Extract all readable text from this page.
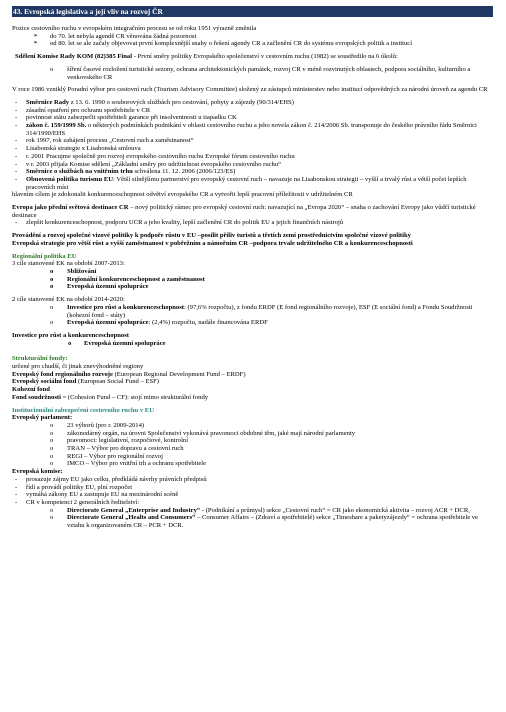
43. Evropská legislativa a její vliv na rozvoj ČR

Pozice cestovního ruchu v evropském integračním procesu se od roku 1951 výrazně změnila

➢ do 70. let nebyla agendě CR věnována žádná pozornost
➢ od 80. let se ale začaly objevovat první komplexnější snahy o řešení agendy CR a začlenění CR do systému evropských politik a institucí

Sdělení Komise Rady KOM (82)385 Final - První směry politiky Evropského společenství v cestovním ruchu (1982) se soustředilo na 6 úkolů:

o šíření časové rozložení turistické sezony, ochrana architektonických památek, rozvoj CR v méně rozvinutých oblastech, podpora sociálního, kulturního a venkovského CR

V roce 1986 vzniklý Poradní výbor pro cestovní ruch (Tourism Advisory Committee) složený ze zástupců ministerstev nebo institucí odpovědných za národní úroveň za agendu CR

- Směrnice Rady z 13. 6. 1990 o souborových službách pro cestování, pobyty a zájezdy (90/314/EHS)
- zásadní opatření pro ochranu spotřebitele v CR
- povinnost státu zabezpečit spotřebiteli garance při insolventnosti u tiapadku CK
- zákon č. 159/1999 Sb. o některých podmínkách podnikání v oblasti cestovního ruchu a jeho novela zákon č. 214/2006 Sb. transponuje do českého právního řádu Směrnici 314/1990/EHS
- rok 1997, rok zahájení procesu „Cestovní ruch a zaměstnanost“
- Lisabonská strategie x Lisabonská smlouva
- r. 2001 Pracujme společně pro rozvoj evropského cestovního ruchu Evropské fórum cestovního ruchu
- v r. 2003 přijala Komise sdělení „Základní směry pro udržitelnost evropského cestovního ruchu“
- Směrnice o službách na vnitřním trhu schválena 11. 12. 2006 (2006/123/ES)
- Obnovená politika turismu EU: Větší silnějšímu partnerství pro evropský cestovní ruch – navazuje na Lisabonskou strategii – vyšší a trvalý růst a větší počet lepších pracovních míst

hlavním cílem je zdokonalit konkurenceschopnost odvětví evropského CR a vytvořit lepší pracovní příležitosti v udržitelném CR

Evropa jako přední světová destinace CR – nový politický rámec pro evropský cestovní ruch: navazující na „Evropa 2020“ – snaha o zachování Evropy jako vůdčí turistické destinace

- zlepšit konkurenceschopnost, podporu UCR a jeho kvality, lepší začlenění CR do politik EU a jejich finančních nástrojů

Provádění a rozvoj společné vizové politiky k podpoře růstu v EU –posílit příliv turistů a třetích zemí prostřednictvím společné vizové politiky

Evropská strategie pro větší růst a vyšší zaměstnanost v pobřežním a námořním CR –podpora trvale udržitelného CR a konkurenceschopnosti

Regionální politika EU

3 cíle stanovené EK na období 2007-2013:

o Sbližování
o Regionální konkurenceschopnost a zaměstnanost
o Evropská územní spolupráce

2 cíle stanovené EK na období 2014-2020:

o Investice pro růst a konkurenceschopnost: (97,6% rozpočtu), z fondu ERDF (E fond regionálního rozvoje), ESF (E sociální fond) a Fondu Soudržnosti (kohezní fond – státy)
o Evropská územní spolupráce: (2,4%) rozpočtu, nadále financována ERDF

Investice pro růst a konkurenceschopnost

o Evropská územní spolupráce

Strukturální fondy:

určené pro chudší, či jinak znevýhodněné regiony

Evropský fond regionálního rozvoje (European Regional Development Fund – ERDF)

Evropský sociální fond (European Social Fund – ESF)

Kohezní fond

Fond soudržnosti = (Cohesion Fund – CF): stojí mimo strukturální fondy

Institucionální zabezpečení cestovního ruchu v EU

Evropský parlament:

o 23 výborů (pro r. 2009-2014)
o zákonodárný orgán, na úrovni Společenství vykonává pravomoci obdobné těm, jaké mají národní parlamenty
o pravomoci: legislativní, rozpočtové, kontrolní
o TRAN – Výbor pro dopravu a cestovní ruch
o REGI – Výbor pro regionální rozvoj
o IMCO – Výbor pro vnitřní trh a ochranu spotřebitele

Evropská komise:

- prosazuje zájmy EU jako celku, předkládá návrhy právních předpisů
- řídí a provádí politiky EU, plní rozpočet
- vymáhá zákony EU a zastupuje EU na mezinárodní scéně
- CR v kompetenci 2 generálních ředitelství:
o Directorate General „Enterprise and Industry“ - (Podnikání a průmysl) sekce „Cestovní ruch“ = CR jako ekonomická aktivita – rozvoj ACR + DCR,
o Directorate General „Healts and Consumers“ – Consumer Affairs – (Zdraví a spotřebitelé) sekce „Timeshare a paketyzájezdy“ = ochrana spotřebitele ve vztahu k organizovaném CR – PCR + DCR.
